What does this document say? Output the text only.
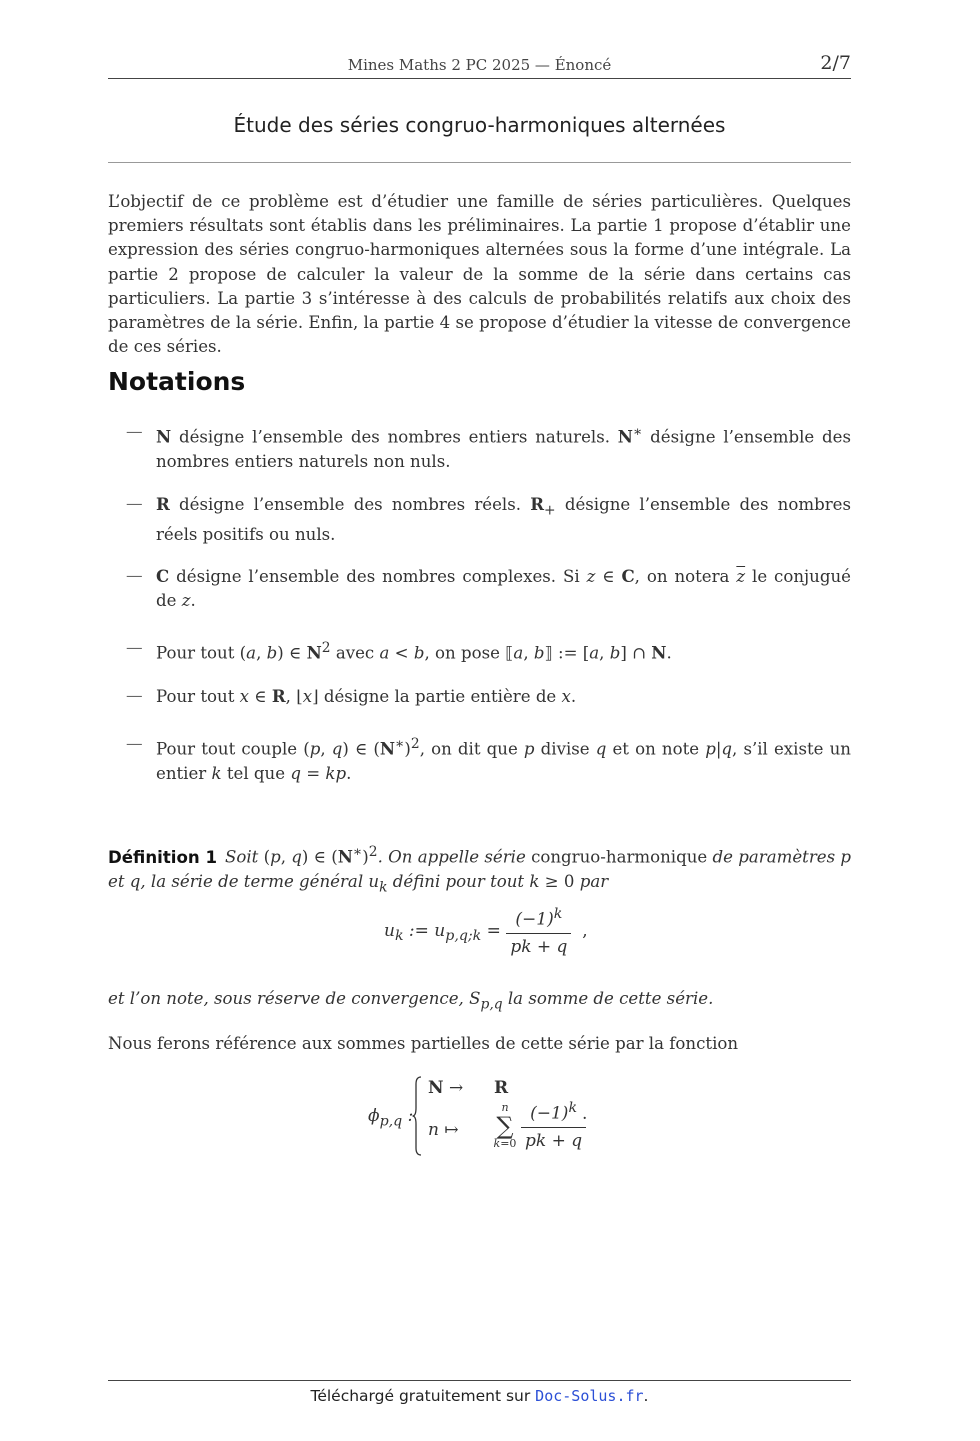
Mines Maths 2 PC 2025 — Énoncé	2/7
Étude des séries congruo-harmoniques alternées

L’objectif de ce problème est d’étudier une famille de séries particulières. Quelques premiers résultats sont établis dans les préliminaires. La partie 1 propose d’établir une expression des séries congruo-harmoniques alternées sous la forme d’une intégrale. La partie 2 propose de calculer la valeur de la somme de la série dans certains cas particuliers. La partie 3 s’intéresse à des calculs de probabilités relatifs aux choix des paramètres de la série. Enfin, la partie 4 se propose d’étudier la vitesse de convergence de ces séries.

Notations
— N désigne l’ensemble des nombres entiers naturels. N∗ désigne l’ensemble des nombres entiers naturels non nuls.
— R désigne l’ensemble des nombres réels. $R_+$ désigne l’ensemble des nombres réels positifs ou nuls.
— C désigne l’ensemble des nombres complexes. Si z ∈ C, on notera $\overline{z}$ le conjugué de z.
— Pour tout (a, b) ∈ $N^2$ avec a < b, on pose ⟦a, b⟧ := [a, b] ∩ N.
— Pour tout x ∈ R, ⌊x⌋ désigne la partie entière de x.
— Pour tout couple (p, q) ∈ $(N^∗)^2$, on dit que p divise q et on note p|q, s’il existe un entier k tel que q = kp.
Définition 1 Soit (p, q) ∈ $(N^∗)^2$. On appelle série congruo-harmonique de paramètres p et q, la série de terme général $u_k$ défini pour tout k ≥ 0 par
$u_k$ := $u_{p,q;k} = \frac{(-1)^k}{pk + q}$ ,
et l’on note, sous réserve de convergence, $S_{p,q}$ la somme de cette série.
Nous ferons référence aux sommes partielles de cette série par la fonction
$\phi_{p,q}$ :
N → R
n ↦
n
∑
$k=0 \frac{(-1)^k}{pk + q}$
.
Téléchargé gratuitement sur Doc-Solus.fr.
